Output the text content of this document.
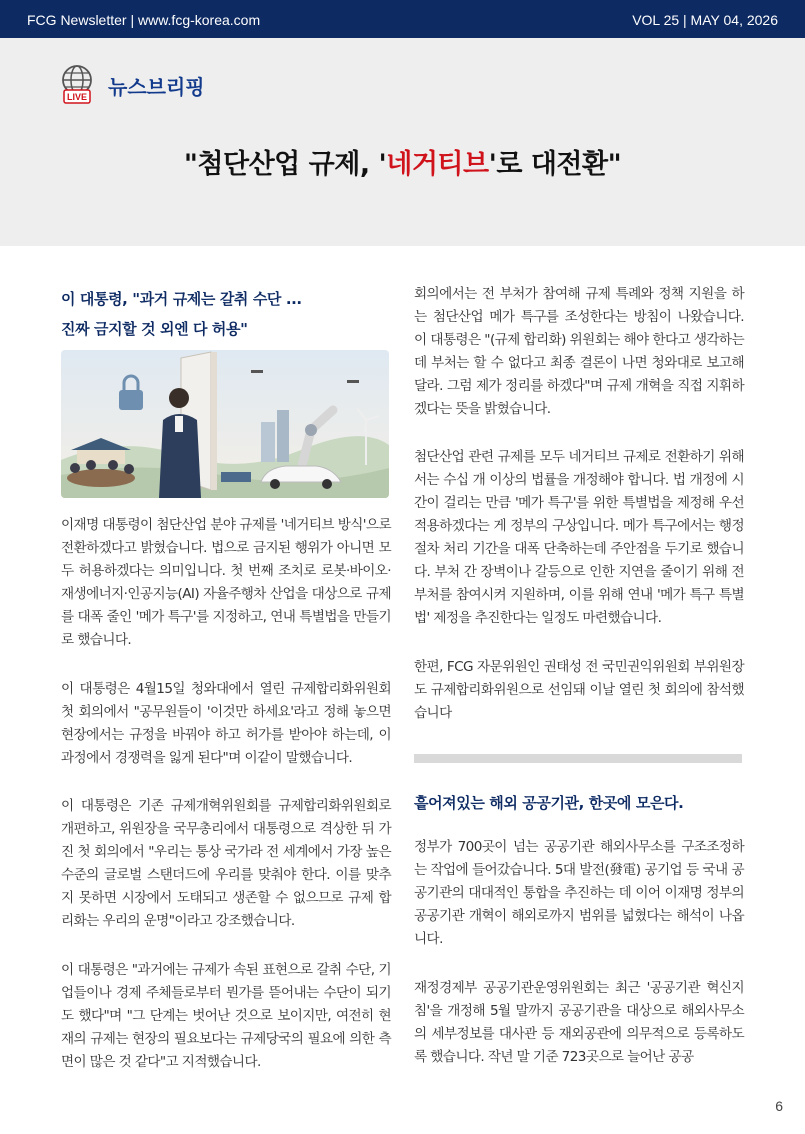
FCG Newsletter | www.fcg-korea.com	VOL 25 | MAY 04, 2026
LIVE 뉴스브리핑
"첨단산업 규제, '네거티브'로 대전환"
이 대통령, "과거 규제는 갈취 수단 ...
진짜 금지할 것 외엔 다 허용"

이재명 대통령이 첨단산업 분야 규제를 '네거티브 방식'으로 전환하겠다고 밝혔습니다. 법으로 금지된 행위가 아니면 모두 허용하겠다는 의미입니다. 첫 번째 조치로 로봇·바이오·재생에너지·인공지능(AI) 자율주행차 산업을 대상으로 규제를 대폭 줄인 '메가 특구'를 지정하고, 연내 특별법을 만들기로 했습니다.

이 대통령은 4월15일 청와대에서 열린 규제합리화위원회 첫 회의에서 "공무원들이 '이것만 하세요'라고 정해 놓으면 현장에서는 규정을 바꿔야 하고 허가를 받아야 하는데, 이 과정에서 경쟁력을 잃게 된다"며 이같이 말했습니다.

이 대통령은 기존 규제개혁위원회를 규제합리화위원회로 개편하고, 위원장을 국무총리에서 대통령으로 격상한 뒤 가진 첫 회의에서 "우리는 통상 국가라 전 세계에서 가장 높은 수준의 글로벌 스탠더드에 우리를 맞춰야 한다. 이를 맞추지 못하면 시장에서 도태되고 생존할 수 없으므로 규제 합리화는 우리의 운명"이라고 강조했습니다.

이 대통령은 "과거에는 규제가 속된 표현으로 갈취 수단, 기업들이나 경제 주체들로부터 뭔가를 뜯어내는 수단이 되기도 했다"며 "그 단계는 벗어난 것으로 보이지만, 여전히 현재의 규제는 현장의 필요보다는 규제당국의 필요에 의한 측면이 많은 것 같다"고 지적했습니다.

회의에서는 전 부처가 참여해 규제 특례와 정책 지원을 하는 첨단산업 메가 특구를 조성한다는 방침이 나왔습니다. 이 대통령은 "(규제 합리화) 위원회는 해야 한다고 생각하는데 부처는 할 수 없다고 최종 결론이 나면 청와대로 보고해 달라. 그럼 제가 정리를 하겠다"며 규제 개혁을 직접 지휘하겠다는 뜻을 밝혔습니다.

첨단산업 관련 규제를 모두 네거티브 규제로 전환하기 위해서는 수십 개 이상의 법률을 개정해야 합니다. 법 개정에 시간이 걸리는 만큼 '메가 특구'를 위한 특별법을 제정해 우선 적용하겠다는 게 정부의 구상입니다. 메가 특구에서는 행정 절차 처리 기간을 대폭 단축하는데 주안점을 두기로 했습니다. 부처 간 장벽이나 갈등으로 인한 지연을 줄이기 위해 전 부처를 참여시켜 지원하며, 이를 위해 연내 '메가 특구 특별법' 제정을 추진한다는 일정도 마련했습니다.

한편, FCG 자문위원인 권태성 전 국민권익위원회 부위원장도 규제합리화위원으로 선임돼 이날 열린 첫 회의에 참석했습니다

흩어져있는 해외 공공기관, 한곳에 모은다.

정부가 700곳이 넘는 공공기관 해외사무소를 구조조정하는 작업에 들어갔습니다. 5대 발전(發電) 공기업 등 국내 공공기관의 대대적인 통합을 추진하는 데 이어 이재명 정부의 공공기관 개혁이 해외로까지 범위를 넓혔다는 해석이 나옵니다.

재정경제부 공공기관운영위원회는 최근 '공공기관 혁신지침'을 개정해 5월 말까지 공공기관을 대상으로 해외사무소의 세부정보를 대사관 등 재외공관에 의무적으로 등록하도록 했습니다. 작년 말 기준 723곳으로 늘어난 공공

6
